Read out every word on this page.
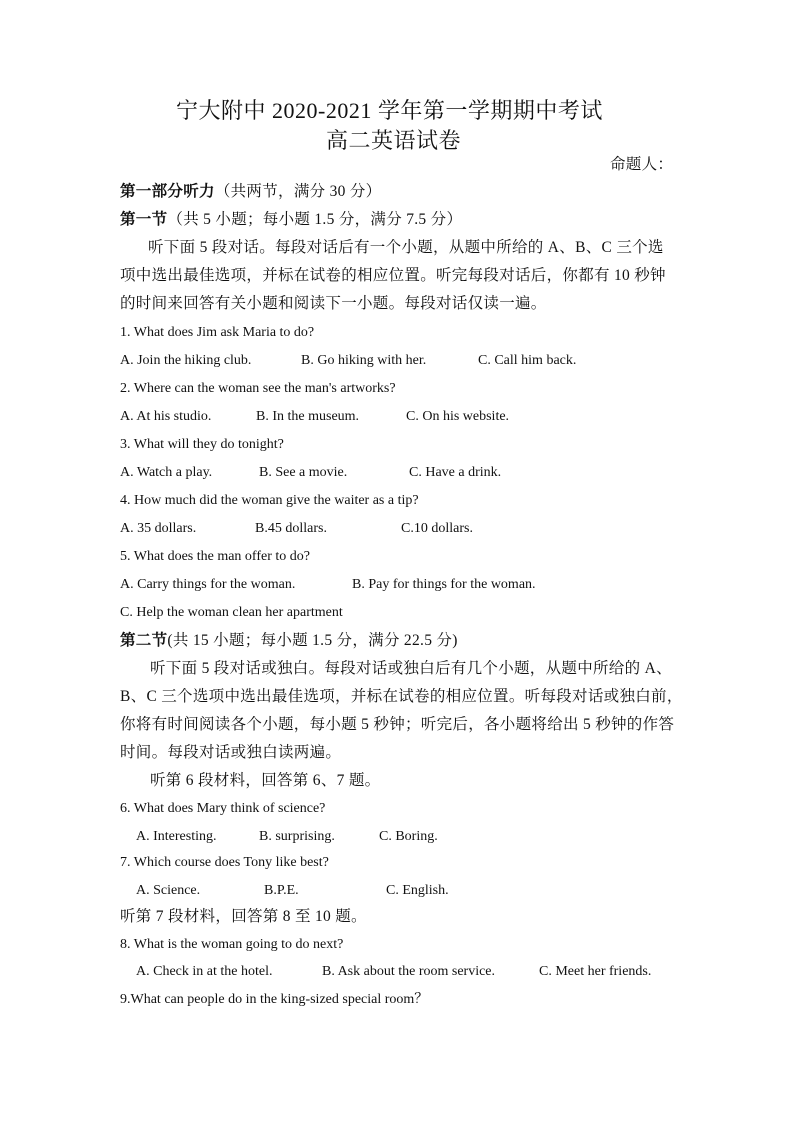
宁大附中 2020-2021 学年第一学期期中考试
高二英语试卷
命题人：
第一部分听力（共两节，满分 30 分）
第一节（共 5 小题；每小题 1.5 分，满分 7.5 分）
听下面 5 段对话。每段对话后有一个小题，从题中所给的 A、B、C 三个选
项中选出最佳选项，并标在试卷的相应位置。听完每段对话后，你都有 10 秒钟
的时间来回答有关小题和阅读下一小题。每段对话仅读一遍。
1. What does Jim ask Maria to do?
A. Join the hiking club.	B. Go hiking with her.	C. Call him back.
2. Where can the woman see the man's artworks?
A. At his studio.	B. In the museum.	C. On his website.
3. What will they do tonight?
A. Watch a play.	B. See a movie.	C. Have a drink.
4. How much did the woman give the waiter as a tip?
A. 35 dollars.	B.45 dollars.	C.10 dollars.
5. What does the man offer to do?
A. Carry things for the woman.	B. Pay for things for the woman.
C. Help the woman clean her apartment
第二节(共 15 小题；每小题 1.5 分，满分 22.5 分)
听下面 5 段对话或独白。每段对话或独白后有几个小题，从题中所给的 A、
B、C 三个选项中选出最佳选项，并标在试卷的相应位置。听每段对话或独白前，
你将有时间阅读各个小题，每小题 5 秒钟；听完后，各小题将给出 5 秒钟的作答
时间。每段对话或独白读两遍。
听第 6 段材料，回答第 6、7 题。
6. What does Mary think of science?
A. Interesting.	B. surprising.	C. Boring.
7. Which course does Tony like best?
A. Science.	B.P.E.	C. English.
听第 7 段材料，回答第 8 至 10 题。
8. What is the woman going to do next?
A. Check in at the hotel.	B. Ask about the room service.	C. Meet her friends.
9.What can people do in the king-sized special room？
